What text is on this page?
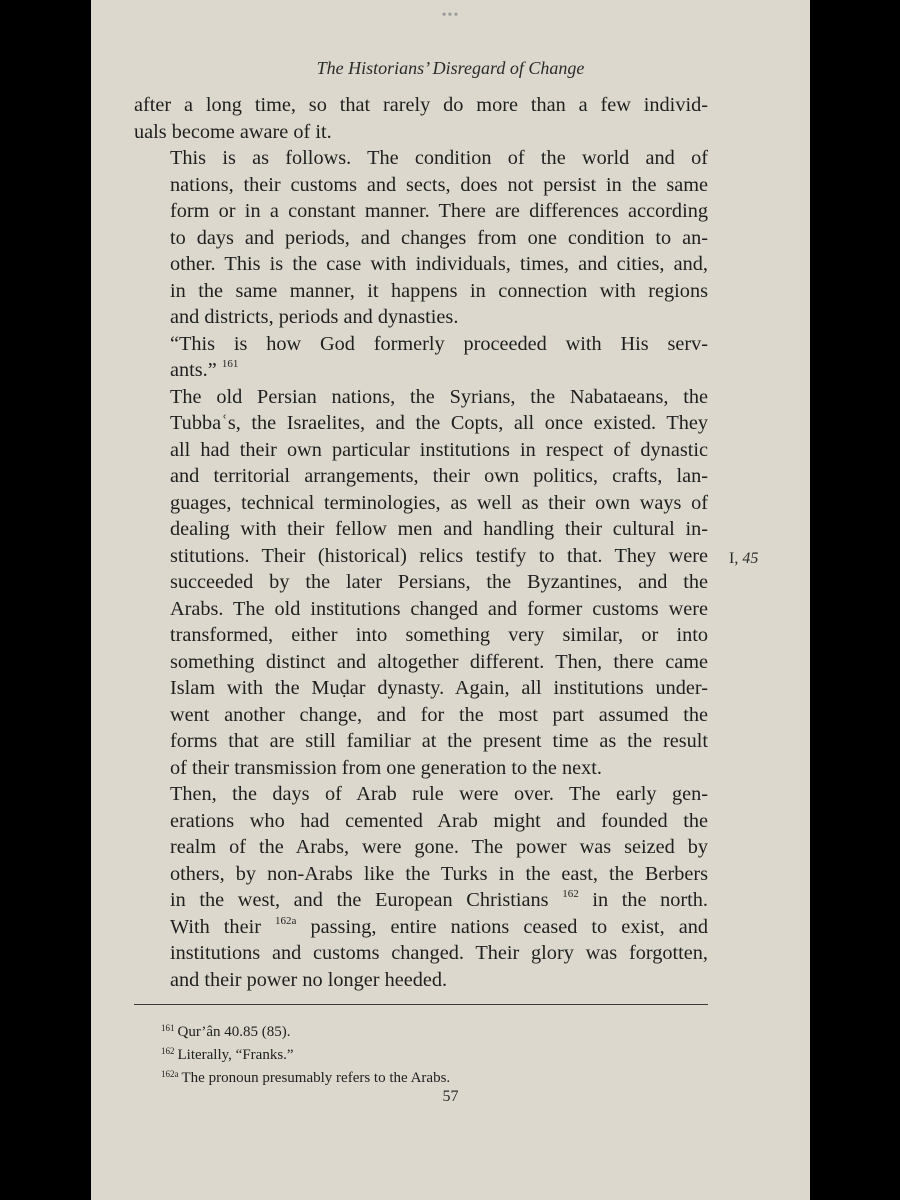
•••
The Historians’ Disregard of Change

after a long time, so that rarely do more than a few individ-
uals become aware of it.

This is as follows. The condition of the world and of
nations, their customs and sects, does not persist in the same
form or in a constant manner. There are differences according
to days and periods, and changes from one condition to an-
other. This is the case with individuals, times, and cities, and,
in the same manner, it happens in connection with regions
and districts, periods and dynasties.

“This is how God formerly proceeded with His serv-
ants.” $^{161}$

The old Persian nations, the Syrians, the Nabataeans, the
Tubbaʿs, the Israelites, and the Copts, all once existed. They
all had their own particular institutions in respect of dynastic
and territorial arrangements, their own politics, crafts, lan-
guages, technical terminologies, as well as their own ways of
dealing with their fellow men and handling their cultural in-
stitutions. Their (historical) relics testify to that. They were
succeeded by the later Persians, the Byzantines, and the
Arabs. The old institutions changed and former customs were
transformed, either into something very similar, or into
something distinct and altogether different. Then, there came
Islam with the Muḍar dynasty. Again, all institutions under-
went another change, and for the most part assumed the
forms that are still familiar at the present time as the result
of their transmission from one generation to the next.

Then, the days of Arab rule were over. The early gen-
erations who had cemented Arab might and founded the
realm of the Arabs, were gone. The power was seized by
others, by non-Arabs like the Turks in the east, the Berbers
in the west, and the European Christians $^{162}$ in the north.
With their $^{162a}$ passing, entire nations ceased to exist, and
institutions and customs changed. Their glory was forgotten,
and their power no longer heeded.

I, 45
$^{161}$ Qur’ân 40.85 (85).
$^{162}$ Literally, “Franks.”
$^{162a}$ The pronoun presumably refers to the Arabs.
57
